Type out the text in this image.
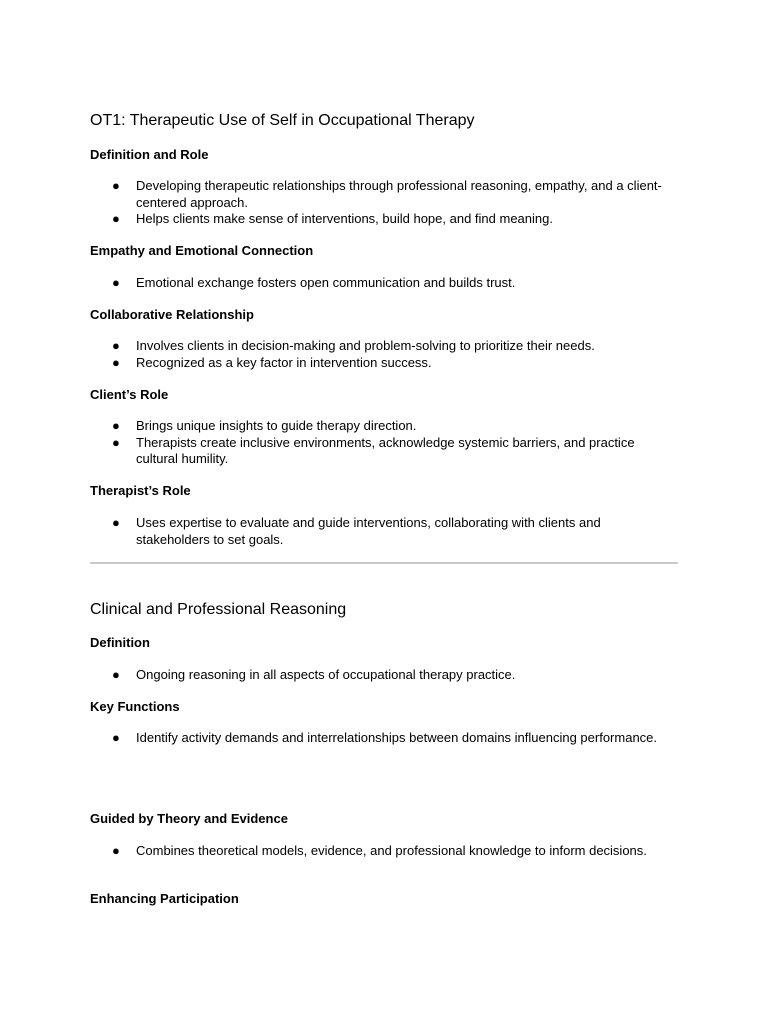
OT1: Therapeutic Use of Self in Occupational Therapy
Definition and Role
● Developing therapeutic relationships through professional reasoning, empathy, and a client-centered approach.
● Helps clients make sense of interventions, build hope, and find meaning.
Empathy and Emotional Connection
● Emotional exchange fosters open communication and builds trust.
Collaborative Relationship
● Involves clients in decision-making and problem-solving to prioritize their needs.
● Recognized as a key factor in intervention success.
Client’s Role
● Brings unique insights to guide therapy direction.
● Therapists create inclusive environments, acknowledge systemic barriers, and practice cultural humility.
Therapist’s Role
● Uses expertise to evaluate and guide interventions, collaborating with clients and stakeholders to set goals.
Clinical and Professional Reasoning
Definition
● Ongoing reasoning in all aspects of occupational therapy practice.
Key Functions
● Identify activity demands and interrelationships between domains influencing performance.
Guided by Theory and Evidence
● Combines theoretical models, evidence, and professional knowledge to inform decisions.
Enhancing Participation
